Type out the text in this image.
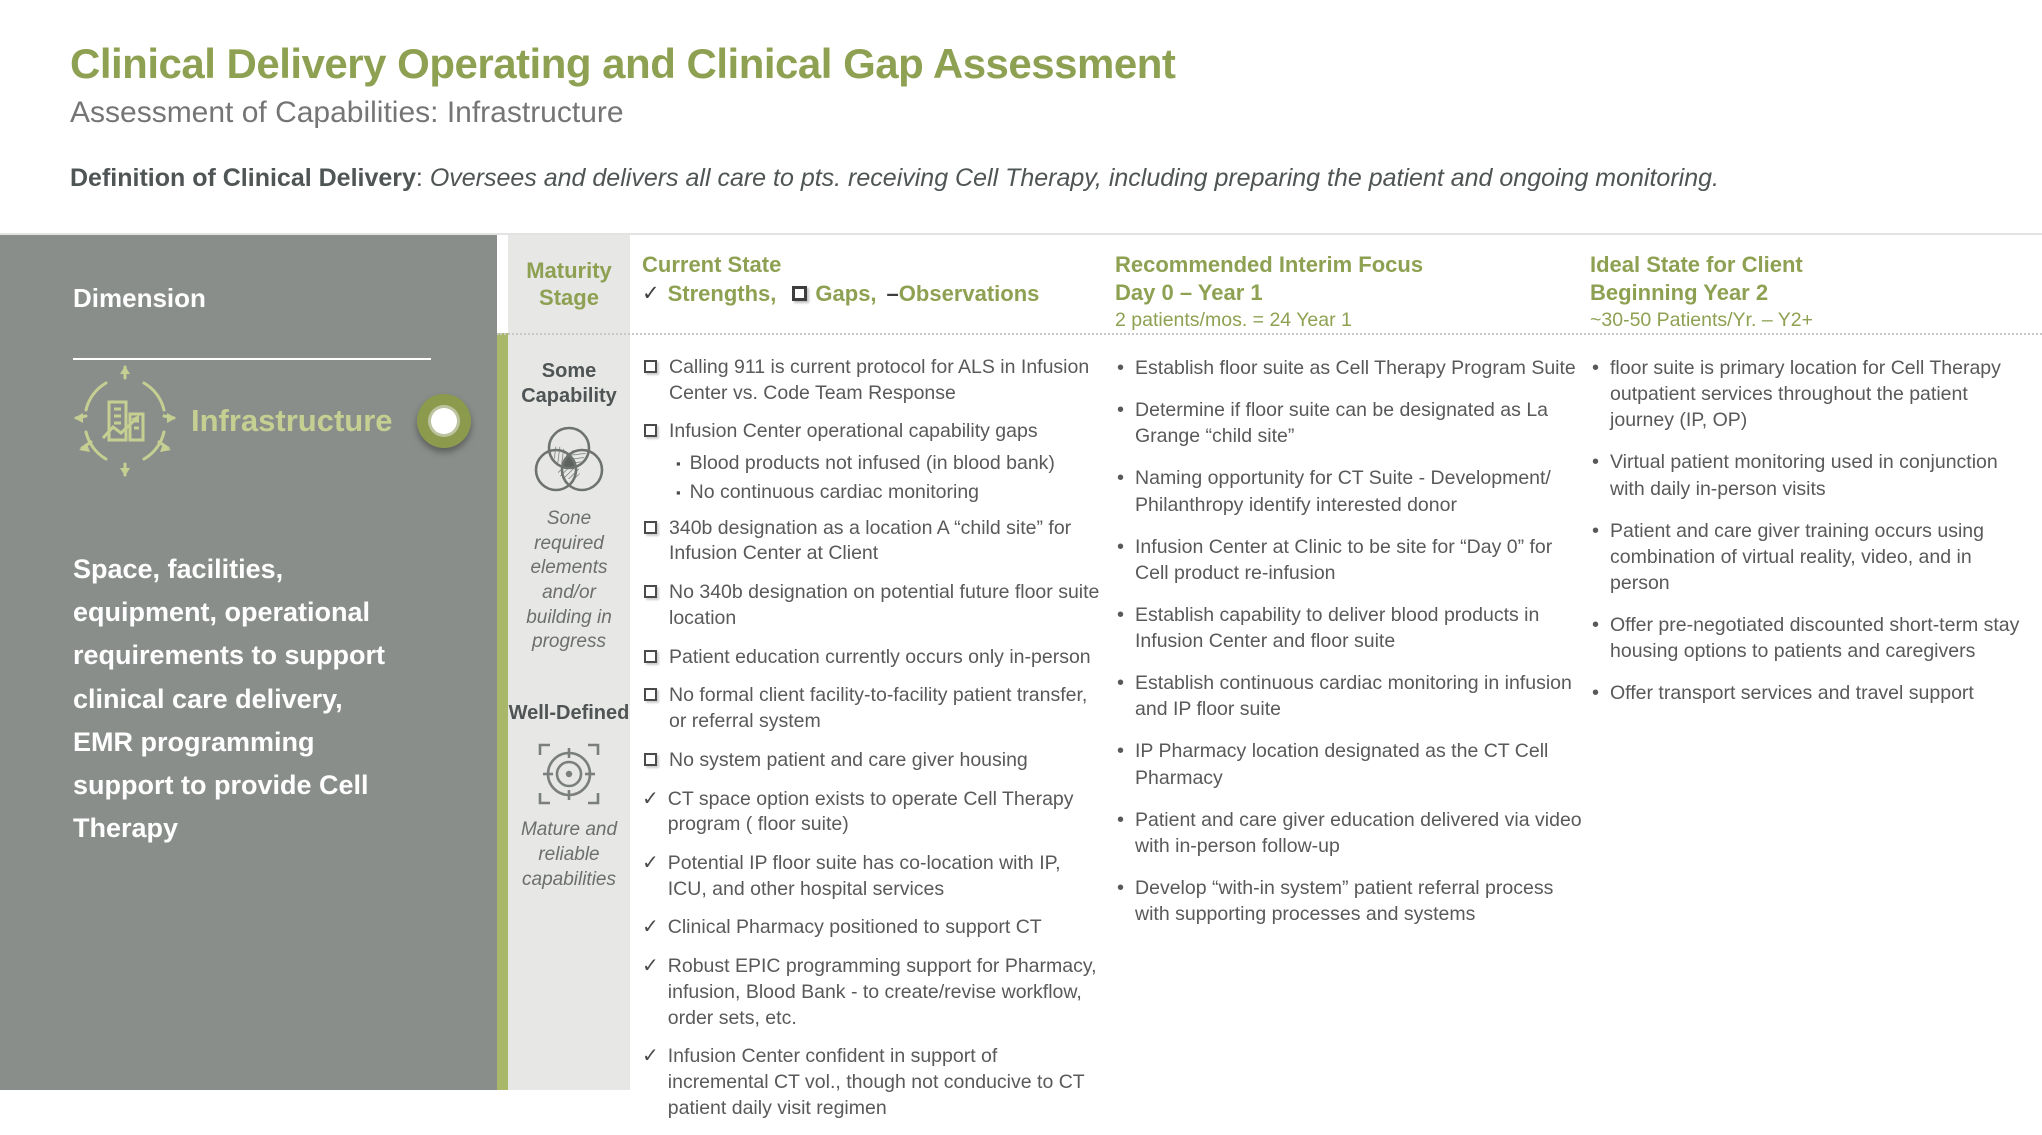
Clinical Delivery Operating and Clinical Gap Assessment
Assessment of Capabilities: Infrastructure

Definition of Clinical Delivery: Oversees and delivers all care to pts. receiving Cell Therapy, including preparing the patient and ongoing monitoring.

Dimension
Infrastructure
Space, facilities, equipment, operational requirements to support clinical care delivery, EMR programming support to provide Cell Therapy
Maturity Stage
Some Capability
Sone required elements and/or building in progress
Well-Defined
Mature and reliable capabilities
Current State
✓ Strengths, Gaps, – Observations
Calling 911 is current protocol for ALS in Infusion Center vs. Code Team Response
Infusion Center operational capability gaps
▪ Blood products not infused (in blood bank)
▪ No continuous cardiac monitoring
340b designation as a location A “child site” for Infusion Center at Client
No 340b designation on potential future floor suite location
Patient education currently occurs only in-person
No formal client facility-to-facility patient transfer, or referral system
No system patient and care giver housing
✓ CT space option exists to operate Cell Therapy program ( floor suite)
✓ Potential IP floor suite has co-location with IP, ICU, and other hospital services
✓ Clinical Pharmacy positioned to support CT
✓ Robust EPIC programming support for Pharmacy, infusion, Blood Bank - to create/revise workflow, order sets, etc.
✓ Infusion Center confident in support of incremental CT vol., though not conducive to CT patient daily visit regimen
Recommended Interim Focus
Day 0 – Year 1
2 patients/mos. = 24 Year 1
• Establish floor suite as Cell Therapy Program Suite
• Determine if floor suite can be designated as La Grange “child site”
• Naming opportunity for CT Suite - Development/ Philanthropy identify interested donor
• Infusion Center at Clinic to be site for “Day 0” for Cell product re-infusion
• Establish capability to deliver blood products in Infusion Center and floor suite
• Establish continuous cardiac monitoring in infusion and IP floor suite
• IP Pharmacy location designated as the CT Cell Pharmacy
• Patient and care giver education delivered via video with in-person follow-up
• Develop “with-in system” patient referral process with supporting processes and systems
Ideal State for Client
Beginning Year 2
~30-50 Patients/Yr. – Y2+
• floor suite is primary location for Cell Therapy outpatient services throughout the patient journey (IP, OP)
• Virtual patient monitoring used in conjunction with daily in-person visits
• Patient and care giver training occurs using combination of virtual reality, video, and in person
• Offer pre-negotiated discounted short-term stay housing options to patients and caregivers
• Offer transport services and travel support
